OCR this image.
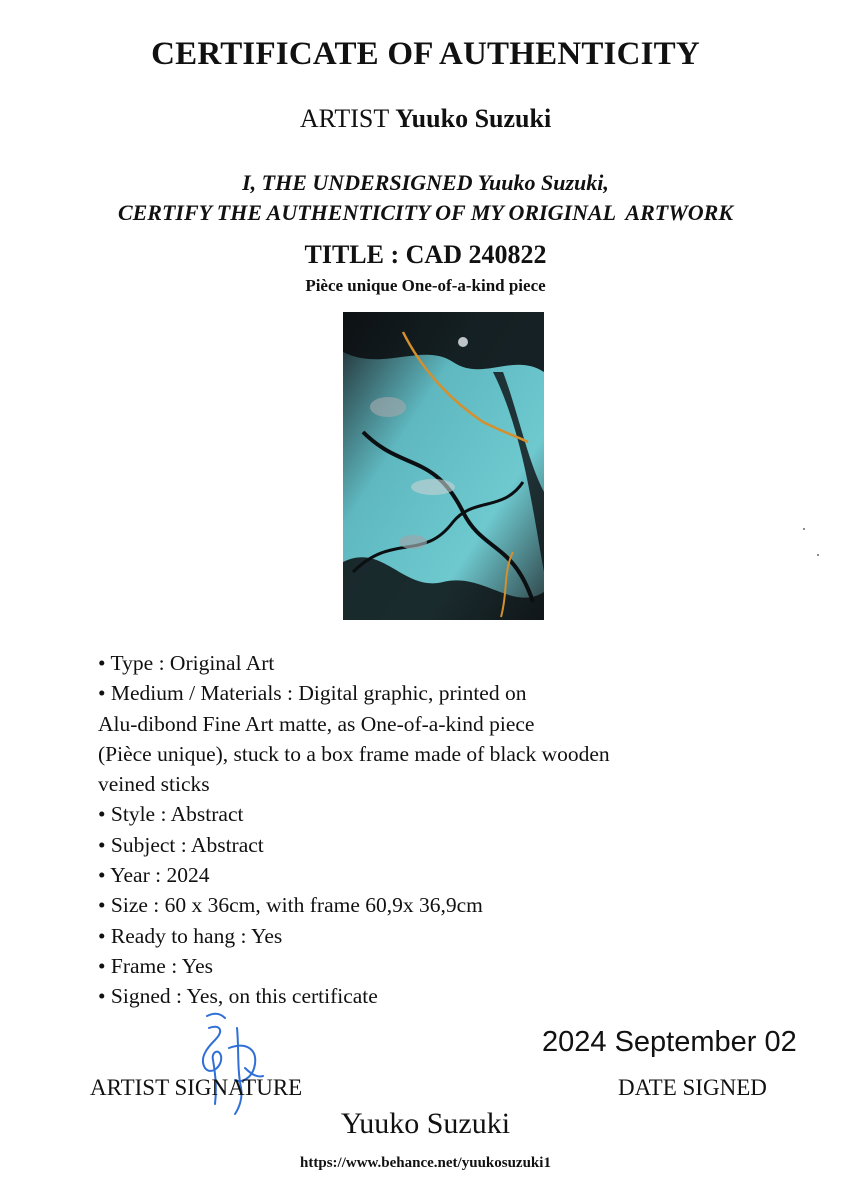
CERTIFICATE OF AUTHENTICITY
ARTIST Yuuko Suzuki
I, THE UNDERSIGNED Yuuko Suzuki,
CERTIFY THE AUTHENTICITY OF MY ORIGINAL  ARTWORK
TITLE : CAD 240822
Pièce unique One-of-a-kind piece
• Type : Original Art
• Medium / Materials : Digital graphic, printed on
Alu-dibond Fine Art matte, as One-of-a-kind piece
(Pièce unique), stuck to a box frame made of black wooden
veined sticks
• Style : Abstract
• Subject : Abstract
• Year : 2024
• Size : 60 x 36cm, with frame 60,9x 36,9cm
• Ready to hang : Yes
• Frame : Yes
• Signed : Yes, on this certificate
2024 September 02
ARTIST SIGNATURE	DATE SIGNED
Yuuko Suzuki
https://www.behance.net/yuukosuzuki1
